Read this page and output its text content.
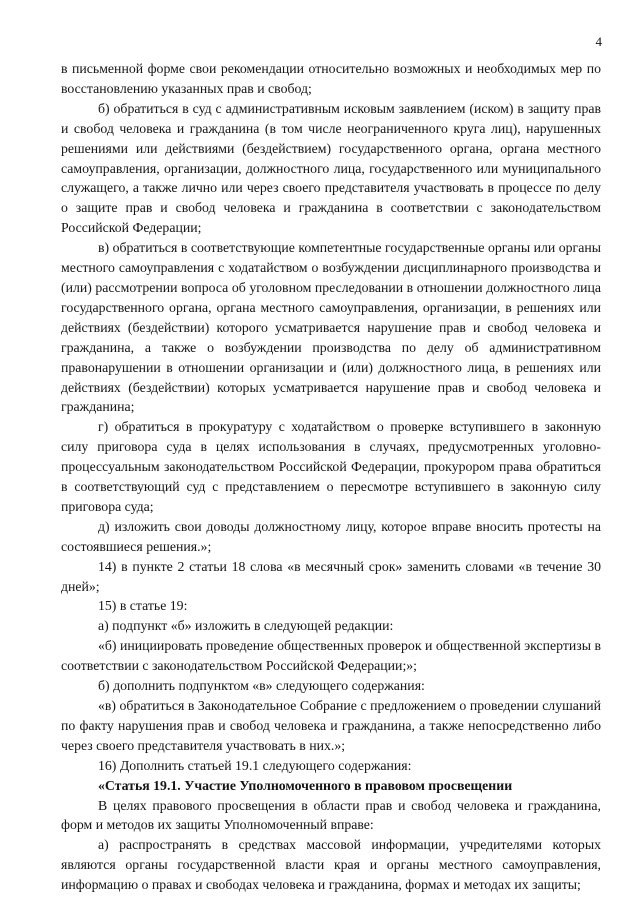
4

в письменной форме свои рекомендации относительно возможных и необходимых мер по восстановлению указанных прав и свобод;

б) обратиться в суд с административным исковым заявлением (иском) в защиту прав и свобод человека и гражданина (в том числе неограниченного круга лиц), нарушенных решениями или действиями (бездействием) государственного органа, органа местного самоуправления, организации, должностного лица, государственного или муниципального служащего, а также лично или через своего представителя участвовать в процессе по делу о защите прав и свобод человека и гражданина в соответствии с законодательством Российской Федерации;

в) обратиться в соответствующие компетентные государственные органы или органы местного самоуправления с ходатайством о возбуждении дисциплинарного производства и (или) рассмотрении вопроса об уголовном преследовании в отношении должностного лица государственного органа, органа местного самоуправления, организации, в решениях или действиях (бездействии) которого усматривается нарушение прав и свобод человека и гражданина, а также о возбуждении производства по делу об административном правонарушении в отношении организации и (или) должностного лица, в решениях или действиях (бездействии) которых усматривается нарушение прав и свобод человека и гражданина;

г) обратиться в прокуратуру с ходатайством о проверке вступившего в законную силу приговора суда в целях использования в случаях, предусмотренных уголовно-процессуальным законодательством Российской Федерации, прокурором права обратиться в соответствующий суд с представлением о пересмотре вступившего в законную силу приговора суда;

д) изложить свои доводы должностному лицу, которое вправе вносить протесты на состоявшиеся решения.»;

14) в пункте 2 статьи 18 слова «в месячный срок» заменить словами «в течение 30 дней»;

15) в статье 19:

а) подпункт «б» изложить в следующей редакции:

«б) инициировать проведение общественных проверок и общественной экспертизы в соответствии с законодательством Российской Федерации;»;

б) дополнить подпунктом «в» следующего содержания:

«в) обратиться в Законодательное Собрание с предложением о проведении слушаний по факту нарушения прав и свобод человека и гражданина, а также непосредственно либо через своего представителя участвовать в них.»;

16) Дополнить статьей 19.1 следующего содержания:

«Статья 19.1. Участие Уполномоченного в правовом просвещении

В целях правового просвещения в области прав и свобод человека и гражданина, форм и методов их защиты Уполномоченный вправе:

а) распространять в средствах массовой информации, учредителями которых являются органы государственной власти края и органы местного самоуправления, информацию о правах и свободах человека и гражданина, формах и методах их защиты;
